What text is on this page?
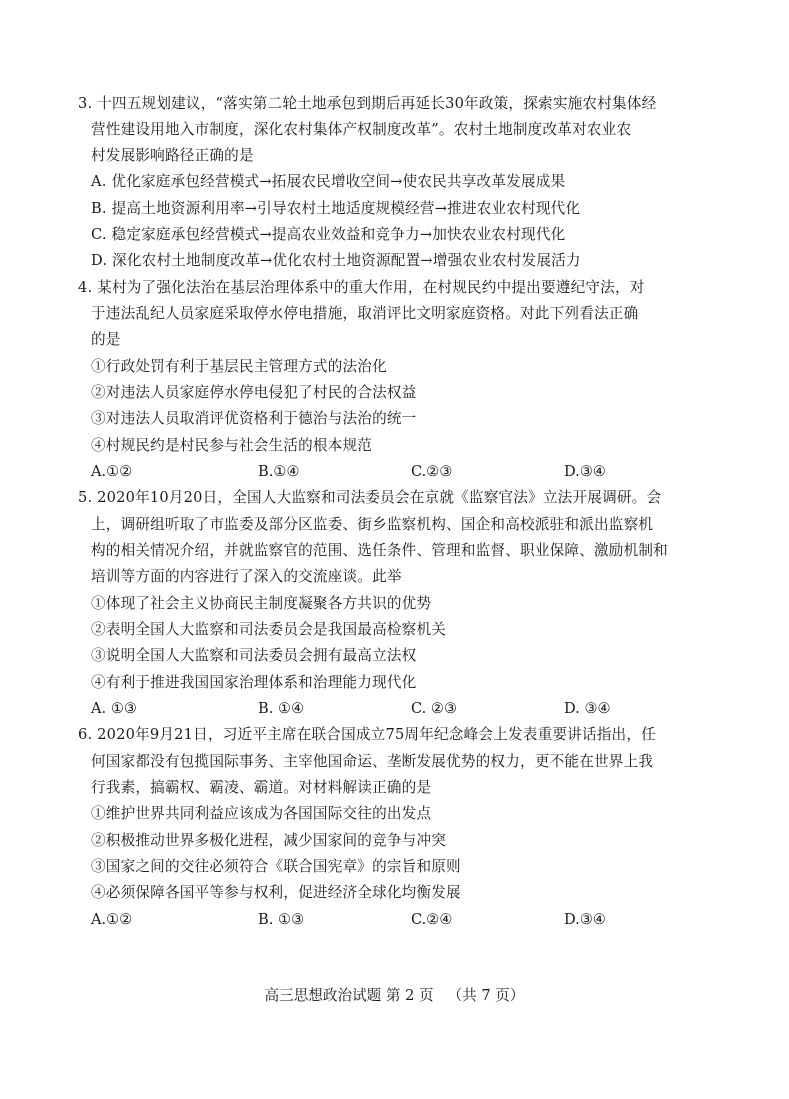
3. 十四五规划建议，“落实第二轮土地承包到期后再延长30年政策，探索实施农村集体经
营性建设用地入市制度，深化农村集体产权制度改革”。农村土地制度改革对农业农
村发展影响路径正确的是
A. 优化家庭承包经营模式→拓展农民增收空间→使农民共享改革发展成果
B. 提高土地资源利用率→引导农村土地适度规模经营→推进农业农村现代化
C. 稳定家庭承包经营模式→提高农业效益和竞争力→加快农业农村现代化
D. 深化农村土地制度改革→优化农村土地资源配置→增强农业农村发展活力
4. 某村为了强化法治在基层治理体系中的重大作用，在村规民约中提出要遵纪守法，对
于违法乱纪人员家庭采取停水停电措施，取消评比文明家庭资格。对此下列看法正确
的是
①行政处罚有利于基层民主管理方式的法治化
②对违法人员家庭停水停电侵犯了村民的合法权益
③对违法人员取消评优资格利于德治与法治的统一
④村规民约是村民参与社会生活的根本规范
A.①②	B.①④	C.②③	D.③④
5. 2020年10月20日，全国人大监察和司法委员会在京就《监察官法》立法开展调研。会
上，调研组听取了市监委及部分区监委、街乡监察机构、国企和高校派驻和派出监察机
构的相关情况介绍，并就监察官的范围、选任条件、管理和监督、职业保障、激励机制和
培训等方面的内容进行了深入的交流座谈。此举
①体现了社会主义协商民主制度凝聚各方共识的优势
②表明全国人大监察和司法委员会是我国最高检察机关
③说明全国人大监察和司法委员会拥有最高立法权
④有利于推进我国国家治理体系和治理能力现代化
A. ①③	B. ①④	C. ②③	D. ③④
6. 2020年9月21日，习近平主席在联合国成立75周年纪念峰会上发表重要讲话指出，任
何国家都没有包揽国际事务、主宰他国命运、垄断发展优势的权力，更不能在世界上我
行我素，搞霸权、霸凌、霸道。对材料解读正确的是
①维护世界共同利益应该成为各国国际交往的出发点
②积极推动世界多极化进程，减少国家间的竞争与冲突
③国家之间的交往必须符合《联合国宪章》的宗旨和原则
④必须保障各国平等参与权利，促进经济全球化均衡发展
A.①②	B. ①③	C.②④	D.③④
高三思想政治试题 第 2 页   （共 7 页）
